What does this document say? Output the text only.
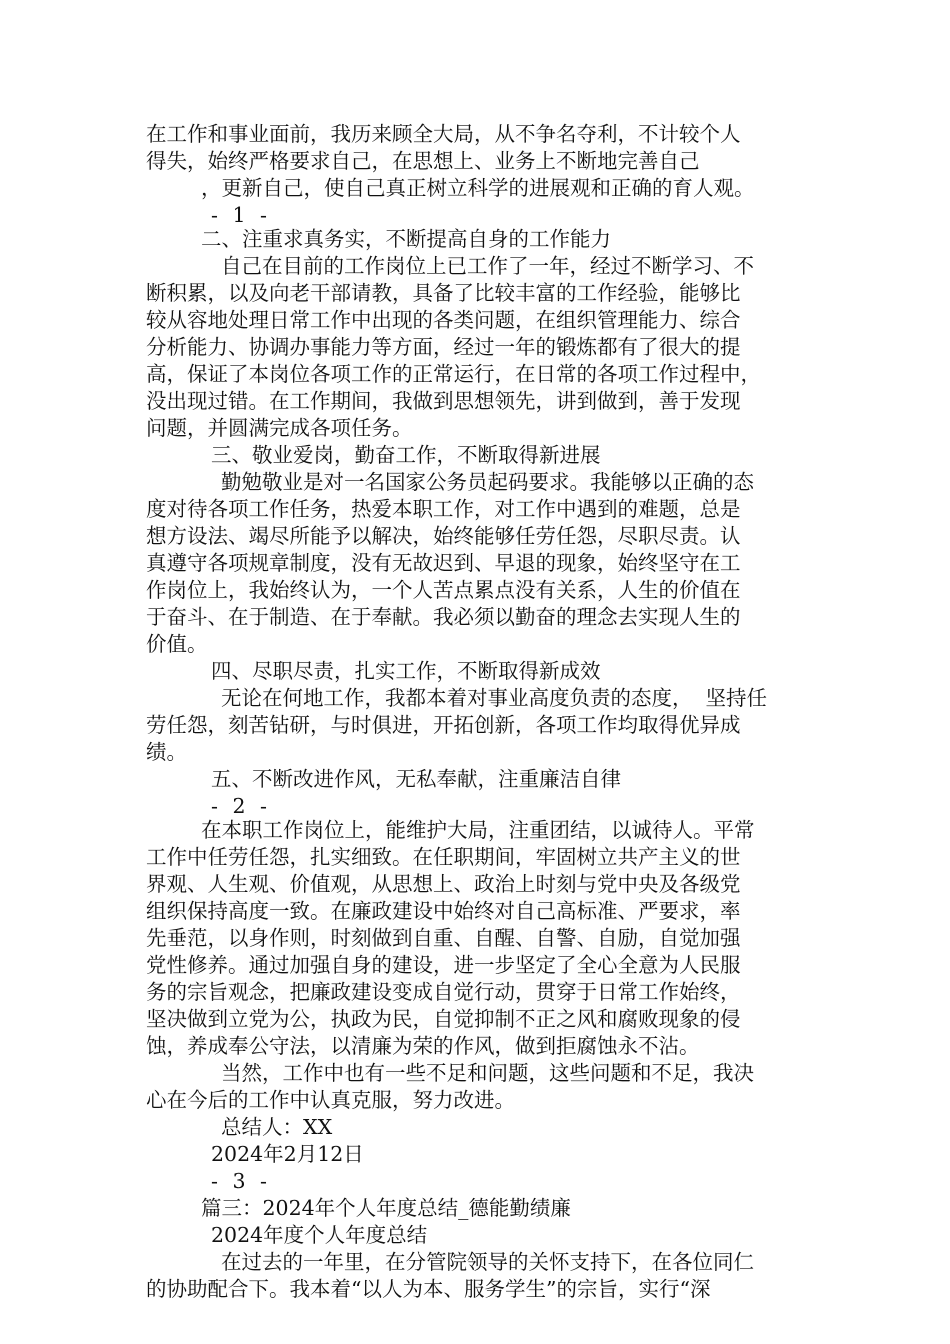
在工作和事业面前，我历来顾全大局，从不争名夺利，不计较个人

得失，始终严格要求自己，在思想上、业务上不断地完善自己

，更新自己，使自己真正树立科学的进展观和正确的育人观。

- 1 -

二、注重求真务实，不断提高自身的工作能力

自己在目前的工作岗位上已工作了一年，经过不断学习、不

断积累，以及向老干部请教，具备了比较丰富的工作经验，能够比

较从容地处理日常工作中出现的各类问题，在组织管理能力、综合

分析能力、协调办事能力等方面，经过一年的锻炼都有了很大的提

高，保证了本岗位各项工作的正常运行，在日常的各项工作过程中，

没出现过错。在工作期间，我做到思想领先，讲到做到，善于发现

问题，并圆满完成各项任务。

三、敬业爱岗，勤奋工作，不断取得新进展

勤勉敬业是对一名国家公务员起码要求。我能够以正确的态

度对待各项工作任务，热爱本职工作，对工作中遇到的难题，总是

想方设法、竭尽所能予以解决，始终能够任劳任怨，尽职尽责。认

真遵守各项规章制度，没有无故迟到、早退的现象，始终坚守在工

作岗位上，我始终认为，一个人苦点累点没有关系，人生的价值在

于奋斗、在于制造、在于奉献。我必须以勤奋的理念去实现人生的

价值。

四、尽职尽责，扎实工作，不断取得新成效

无论在何地工作，我都本着对事业高度负责的态度，  坚持任

劳任怨，刻苦钻研，与时俱进，开拓创新，各项工作均取得优异成

绩。

五、不断改进作风，无私奉献，注重廉洁自律

- 2 -

在本职工作岗位上，能维护大局，注重团结，以诚待人。平常

工作中任劳任怨，扎实细致。在任职期间，牢固树立共产主义的世

界观、人生观、价值观，从思想上、政治上时刻与党中央及各级党

组织保持高度一致。在廉政建设中始终对自己高标准、严要求，率

先垂范，以身作则，时刻做到自重、自醒、自警、自励，自觉加强

党性修养。通过加强自身的建设，进一步坚定了全心全意为人民服

务的宗旨观念，把廉政建设变成自觉行动，贯穿于日常工作始终，

坚决做到立党为公，执政为民，自觉抑制不正之风和腐败现象的侵

蚀，养成奉公守法，以清廉为荣的作风，做到拒腐蚀永不沾。

当然，工作中也有一些不足和问题，这些问题和不足，我决

心在今后的工作中认真克服，努力改进。

总结人：XX

2024年2月12日

- 3 -

篇三：2024年个人年度总结_德能勤绩廉

2024年度个人年度总结

在过去的一年里，在分管院领导的关怀支持下，在各位同仁

的协助配合下。我本着“以人为本、服务学生”的宗旨，实行“深
